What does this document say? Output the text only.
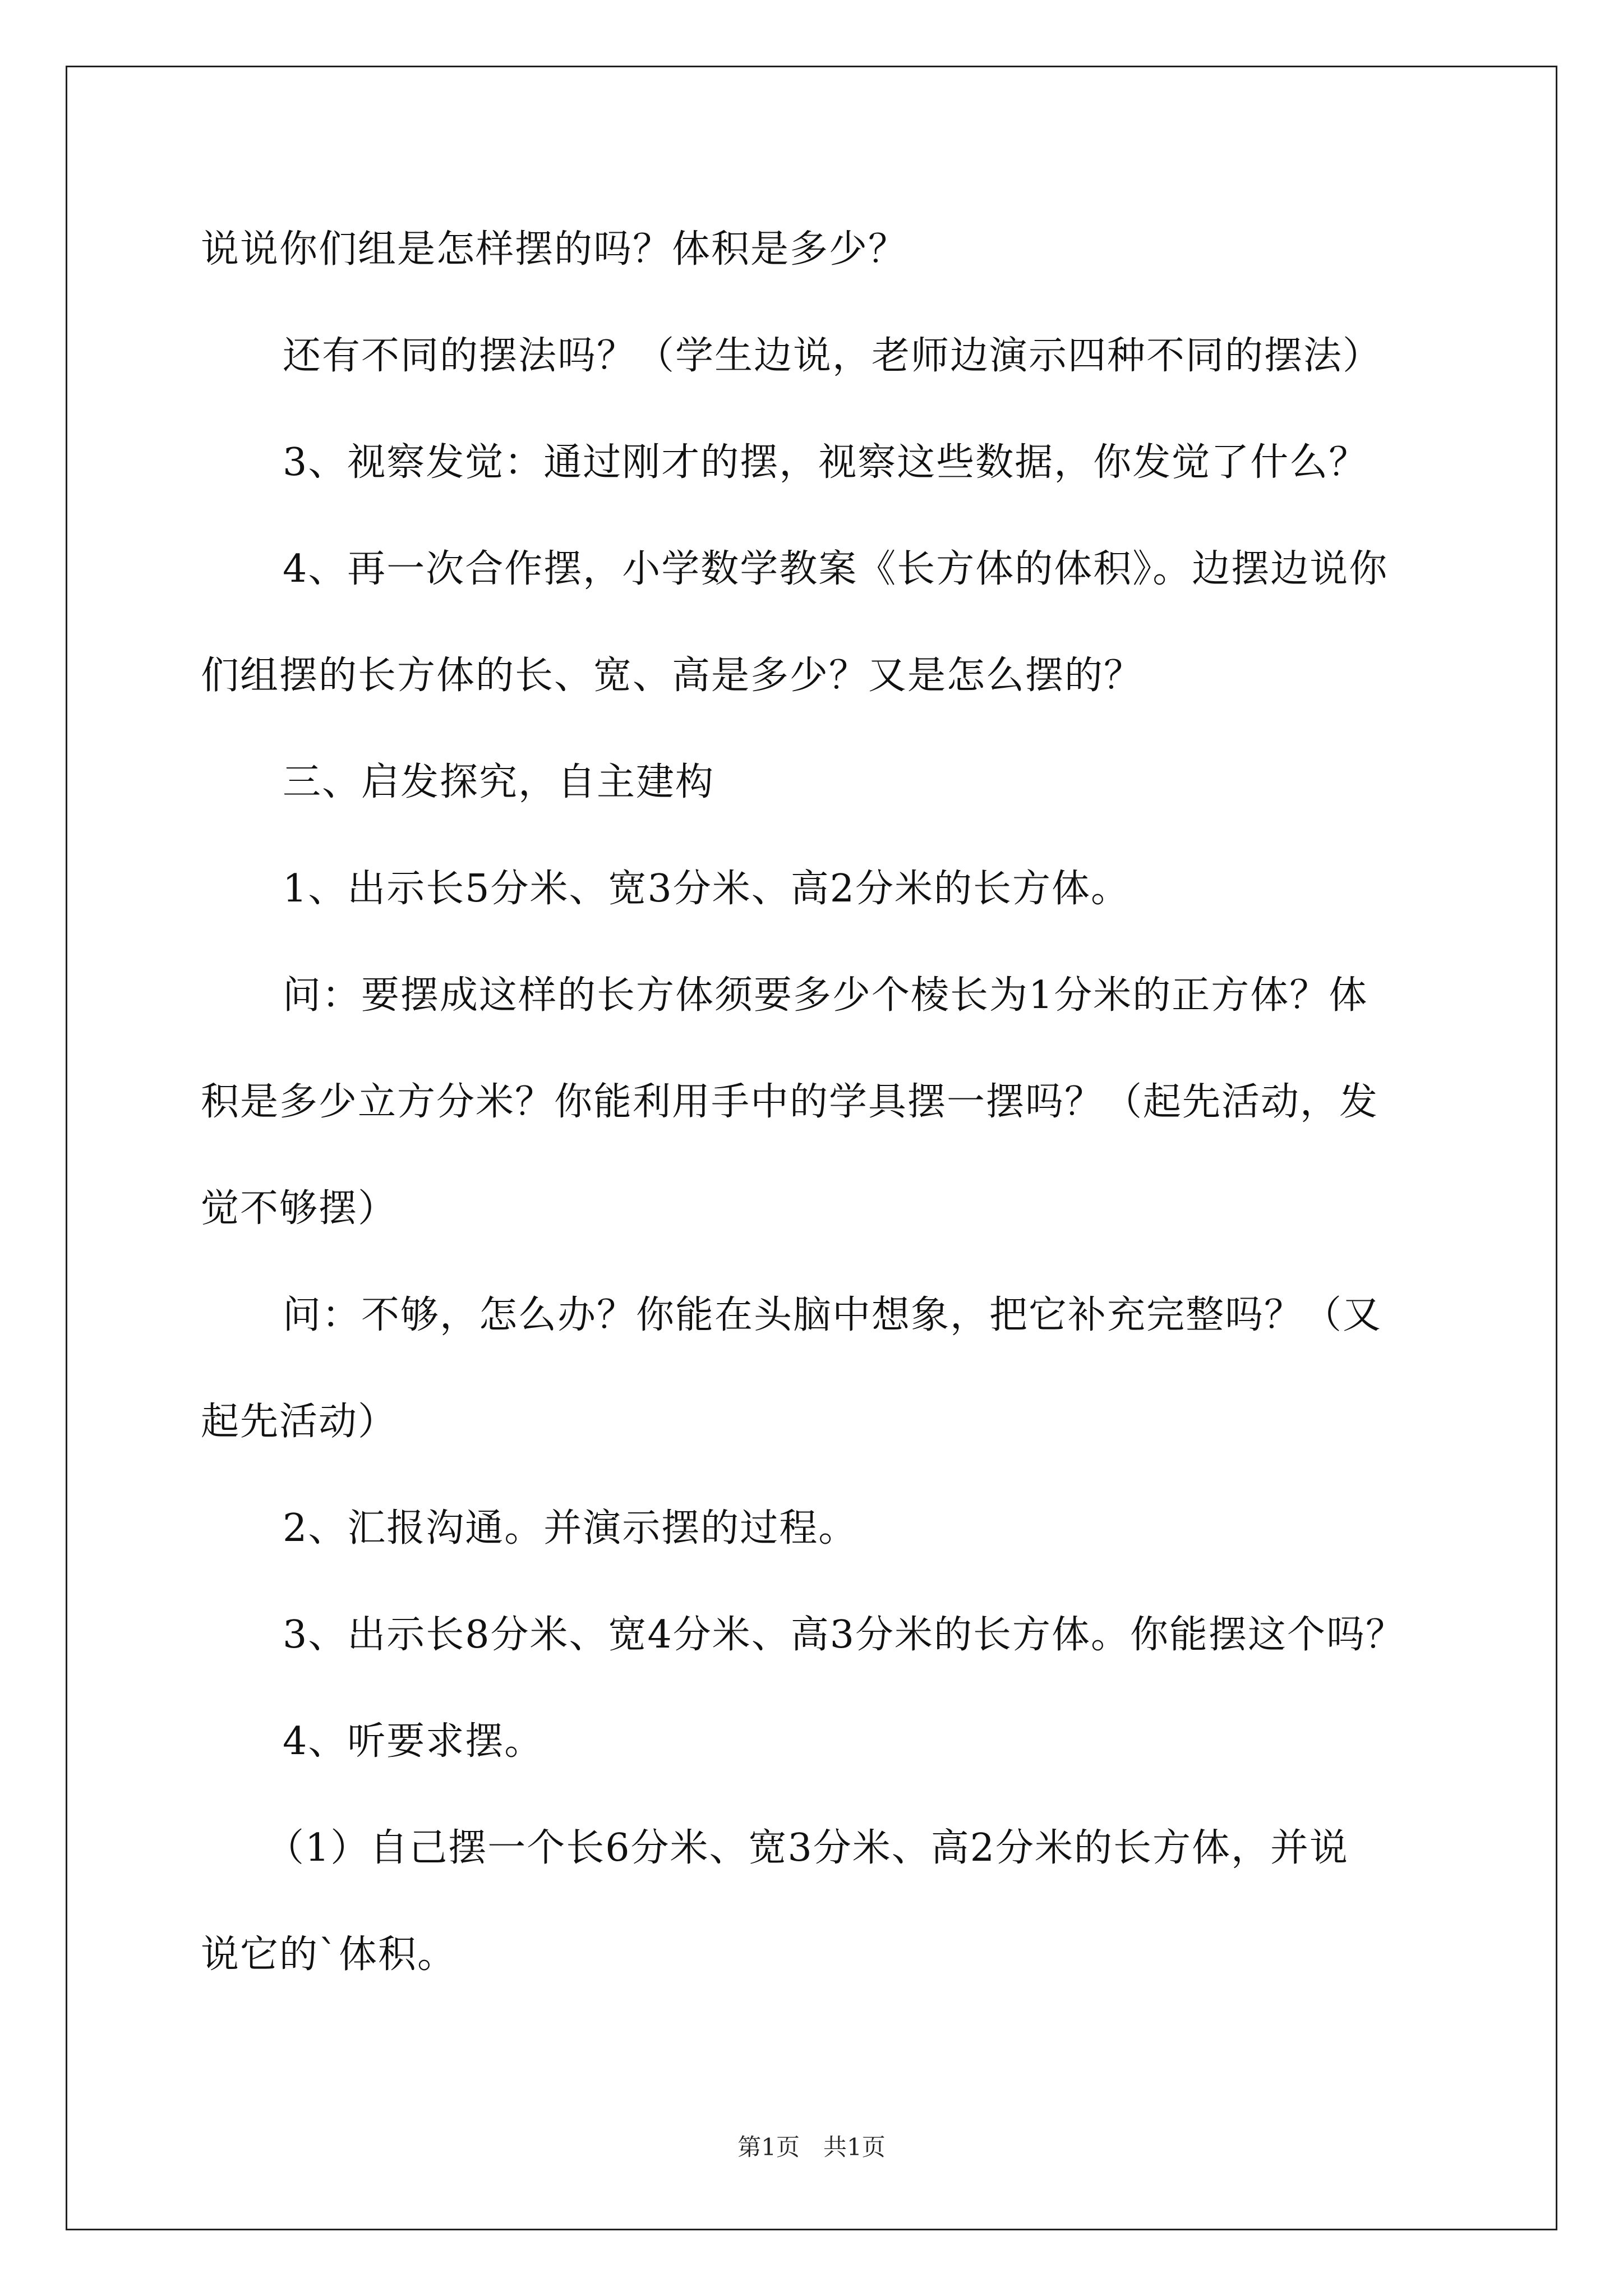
说说你们组是怎样摆的吗？体积是多少？
还有不同的摆法吗？（学生边说，老师边演示四种不同的摆法）
3、视察发觉：通过刚才的摆，视察这些数据，你发觉了什么？
4、再一次合作摆，小学数学教案《长方体的体积》。边摆边说你
们组摆的长方体的长、宽、高是多少？又是怎么摆的？
三、启发探究，自主建构
1、出示长5分米、宽3分米、高2分米的长方体。
问：要摆成这样的长方体须要多少个棱长为1分米的正方体？体
积是多少立方分米？你能利用手中的学具摆一摆吗？（起先活动，发
觉不够摆）
问：不够，怎么办？你能在头脑中想象，把它补充完整吗？（又
起先活动）
2、汇报沟通。并演示摆的过程。
3、出示长8分米、宽4分米、高3分米的长方体。你能摆这个吗？
4、听要求摆。
（1）自己摆一个长6分米、宽3分米、高2分米的长方体，并说
说它的`体积。
第1页　共1页
